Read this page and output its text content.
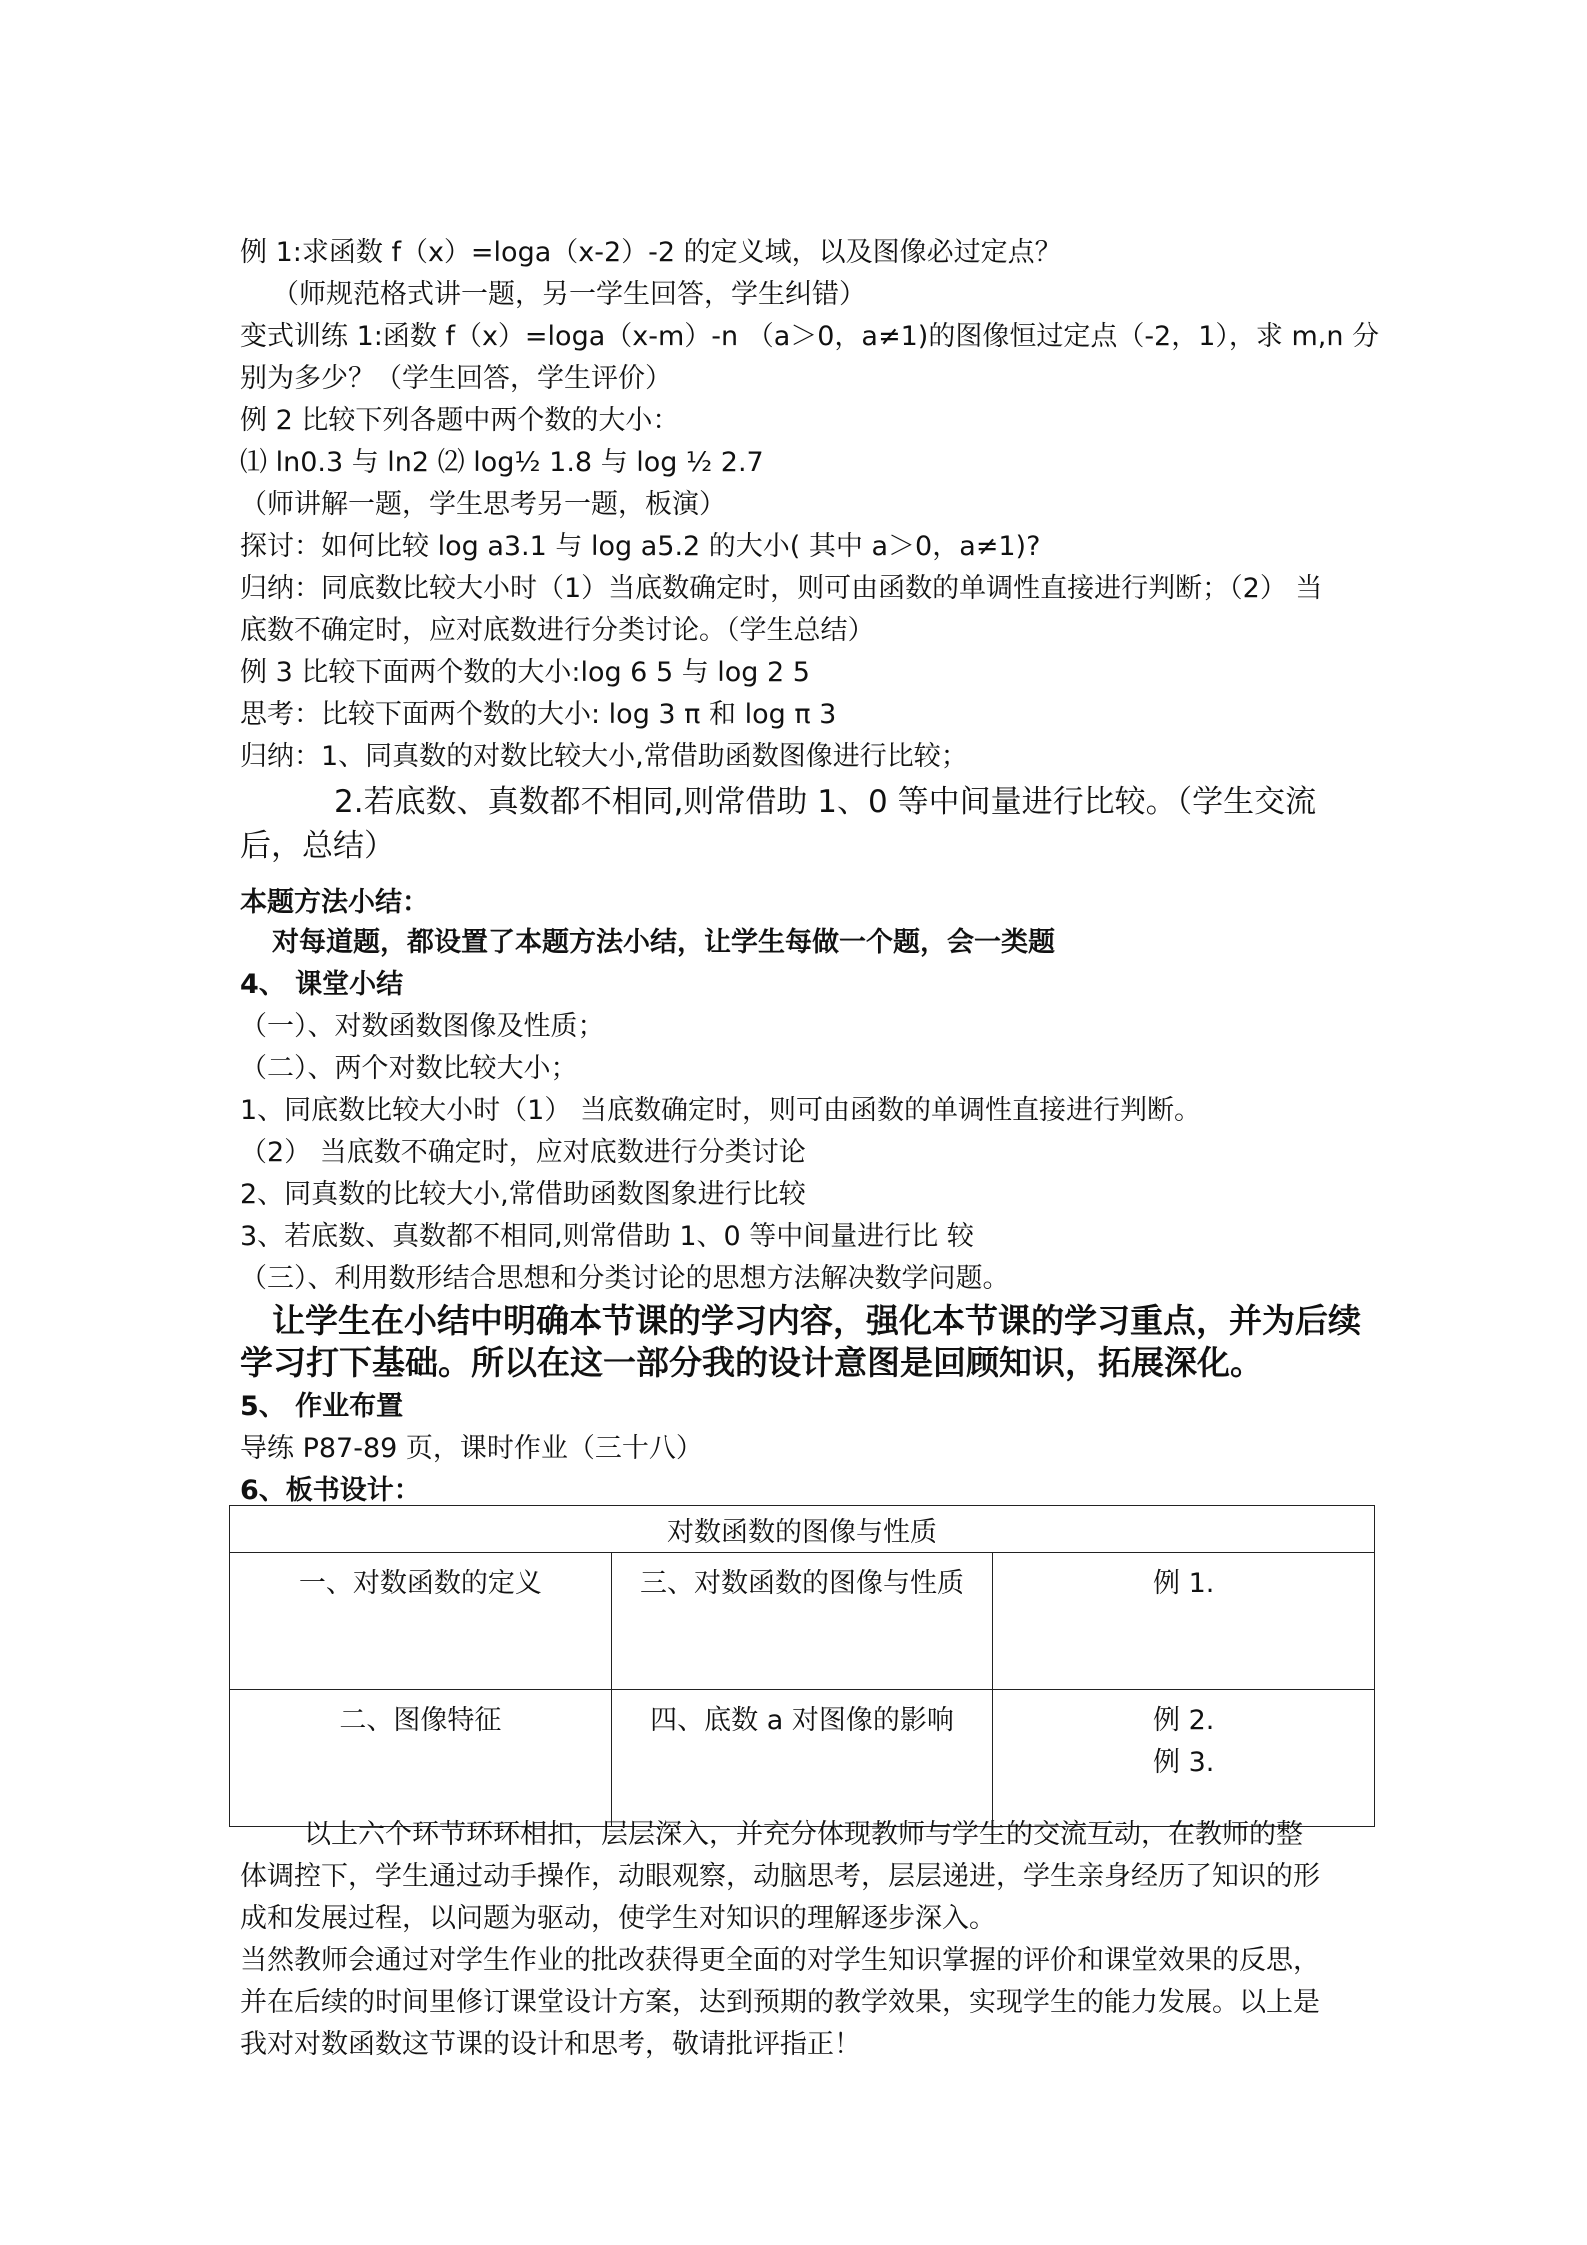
例 1:求函数 f（x）=loga（x-2）-2 的定义域，以及图像必过定点？

（师规范格式讲一题，另一学生回答，学生纠错）

变式训练 1:函数 f（x）=loga（x-m）-n （a＞0，a≠1)的图像恒过定点（-2，1），求 m,n 分

别为多少？（学生回答，学生评价）

例 2 比较下列各题中两个数的大小：

⑴ ln0.3 与 ln2 ⑵ log½ 1.8 与 log ½ 2.7

（师讲解一题，学生思考另一题，板演）

探讨：如何比较 log a3.1 与 log a5.2 的大小( 其中 a＞0，a≠1)?

归纳：同底数比较大小时（1）当底数确定时，则可由函数的单调性直接进行判断；（2） 当

底数不确定时，应对底数进行分类讨论。（学生总结）

例 3 比较下面两个数的大小:log 6 5 与 log 2 5

思考：比较下面两个数的大小: log 3 π 和 log π 3

归纳：1、同真数的对数比较大小,常借助函数图像进行比较；

2.若底数、真数都不相同,则常借助 1、0 等中间量进行比较。（学生交流

后，总结）

本题方法小结：

对每道题，都设置了本题方法小结，让学生每做一个题，会一类题

4、 课堂小结

（一）、对数函数图像及性质；

（二）、两个对数比较大小；

1、同底数比较大小时（1） 当底数确定时，则可由函数的单调性直接进行判断。

（2） 当底数不确定时，应对底数进行分类讨论

2、同真数的比较大小,常借助函数图象进行比较

3、若底数、真数都不相同,则常借助 1、0 等中间量进行比 较

（三）、利用数形结合思想和分类讨论的思想方法解决数学问题。

让学生在小结中明确本节课的学习内容，强化本节课的学习重点，并为后续

学习打下基础。所以在这一部分我的设计意图是回顾知识，拓展深化。

5、 作业布置

导练 P87-89 页，课时作业（三十八）

6、板书设计：

对数函数的图像与性质		

一、对数函数的定义	三、对数函数的图像与性质	例 1.

二、图像特征	四、底数 a 对图像的影响	例 2.
例 3.

以上六个环节环环相扣，层层深入，并充分体现教师与学生的交流互动，在教师的整

体调控下，学生通过动手操作，动眼观察，动脑思考，层层递进，学生亲身经历了知识的形

成和发展过程，以问题为驱动，使学生对知识的理解逐步深入。

当然教师会通过对学生作业的批改获得更全面的对学生知识掌握的评价和课堂效果的反思，

并在后续的时间里修订课堂设计方案，达到预期的教学效果，实现学生的能力发展。以上是

我对对数函数这节课的设计和思考，敬请批评指正！
